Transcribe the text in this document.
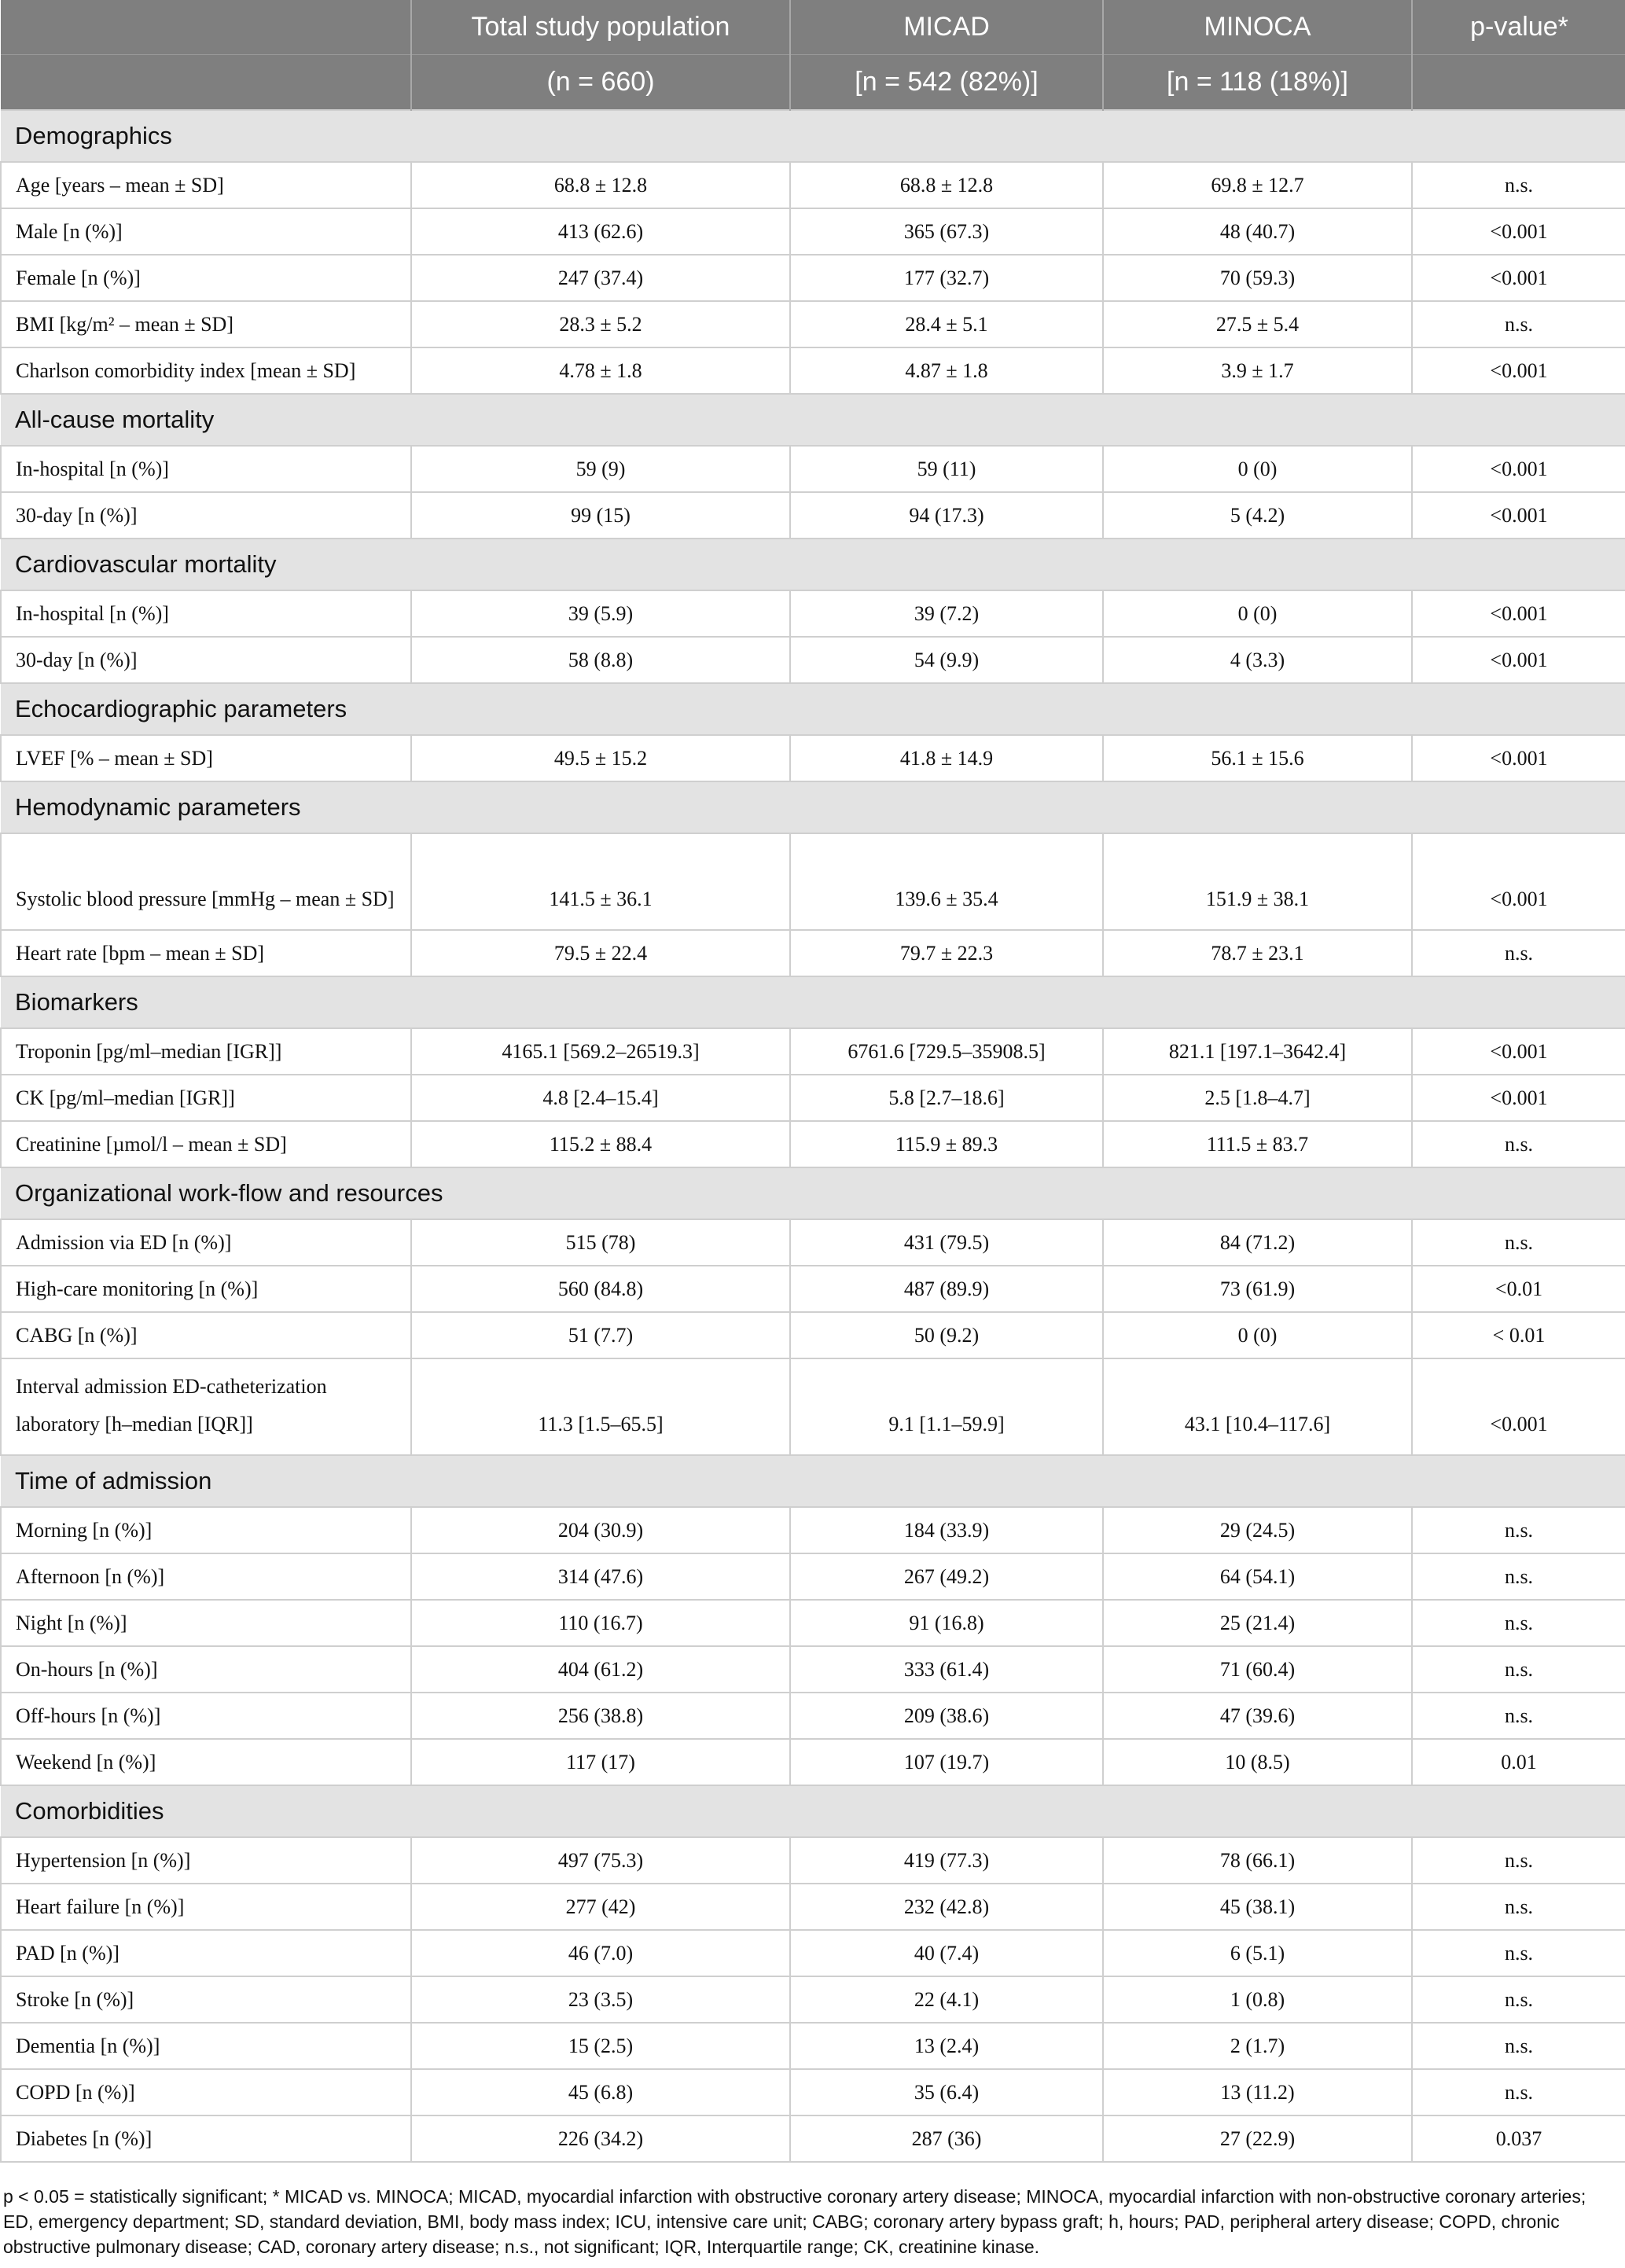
	Total study population	MICAD	MINOCA	p-value*
	(n = 660)	[n = 542 (82%)]	[n = 118 (18%)]	
Demographics				
Age [years – mean ± SD]	68.8 ± 12.8	68.8 ± 12.8	69.8 ± 12.7	n.s.
Male [n (%)]	413 (62.6)	365 (67.3)	48 (40.7)	<0.001
Female [n (%)]	247 (37.4)	177 (32.7)	70 (59.3)	<0.001
BMI [kg/m² – mean ± SD]	28.3 ± 5.2	28.4 ± 5.1	27.5 ± 5.4	n.s.
Charlson comorbidity index [mean ± SD]	4.78 ± 1.8	4.87 ± 1.8	3.9 ± 1.7	<0.001
All-cause mortality				
In-hospital [n (%)]	59 (9)	59 (11)	0 (0)	<0.001
30-day [n (%)]	99 (15)	94 (17.3)	5 (4.2)	<0.001
Cardiovascular mortality				
In-hospital [n (%)]	39 (5.9)	39 (7.2)	0 (0)	<0.001
30-day [n (%)]	58 (8.8)	54 (9.9)	4 (3.3)	<0.001
Echocardiographic parameters				
LVEF [% – mean ± SD]	49.5 ± 15.2	41.8 ± 14.9	56.1 ± 15.6	<0.001
Hemodynamic parameters				
Systolic blood pressure [mmHg – mean ± SD]	141.5 ± 36.1	139.6 ± 35.4	151.9 ± 38.1	<0.001
Heart rate [bpm – mean ± SD]	79.5 ± 22.4	79.7 ± 22.3	78.7 ± 23.1	n.s.
Biomarkers				
Troponin [pg/ml–median [IGR]]	4165.1 [569.2–26519.3]	6761.6 [729.5–35908.5]	821.1 [197.1–3642.4]	<0.001
CK [pg/ml–median [IGR]]	4.8 [2.4–15.4]	5.8 [2.7–18.6]	2.5 [1.8–4.7]	<0.001
Creatinine [µmol/l – mean ± SD]	115.2 ± 88.4	115.9 ± 89.3	111.5 ± 83.7	n.s.
Organizational work-flow and resources				
Admission via ED [n (%)]	515 (78)	431 (79.5)	84 (71.2)	n.s.
High-care monitoring [n (%)]	560 (84.8)	487 (89.9)	73 (61.9)	<0.01
CABG [n (%)]	51 (7.7)	50 (9.2)	0 (0)	< 0.01
Interval admission ED-catheterization laboratory [h–median [IQR]]	11.3 [1.5–65.5]	9.1 [1.1–59.9]	43.1 [10.4–117.6]	<0.001
Time of admission				
Morning [n (%)]	204 (30.9)	184 (33.9)	29 (24.5)	n.s.
Afternoon [n (%)]	314 (47.6)	267 (49.2)	64 (54.1)	n.s.
Night [n (%)]	110 (16.7)	91 (16.8)	25 (21.4)	n.s.
On-hours [n (%)]	404 (61.2)	333 (61.4)	71 (60.4)	n.s.
Off-hours [n (%)]	256 (38.8)	209 (38.6)	47 (39.6)	n.s.
Weekend [n (%)]	117 (17)	107 (19.7)	10 (8.5)	0.01
Comorbidities				
Hypertension [n (%)]	497 (75.3)	419 (77.3)	78 (66.1)	n.s.
Heart failure [n (%)]	277 (42)	232 (42.8)	45 (38.1)	n.s.
PAD [n (%)]	46 (7.0)	40 (7.4)	6 (5.1)	n.s.
Stroke [n (%)]	23 (3.5)	22 (4.1)	1 (0.8)	n.s.
Dementia [n (%)]	15 (2.5)	13 (2.4)	2 (1.7)	n.s.
COPD [n (%)]	45 (6.8)	35 (6.4)	13 (11.2)	n.s.
Diabetes [n (%)]	226 (34.2)	287 (36)	27 (22.9)	0.037
p < 0.05 = statistically significant; * MICAD vs. MINOCA; MICAD, myocardial infarction with obstructive coronary artery disease; MINOCA, myocardial infarction with non-obstructive coronary arteries; ED, emergency department; SD, standard deviation, BMI, body mass index; ICU, intensive care unit; CABG; coronary artery bypass graft; h, hours; PAD, peripheral artery disease; COPD, chronic obstructive pulmonary disease; CAD, coronary artery disease; n.s., not significant; IQR, Interquartile range; CK, creatinine kinase.
